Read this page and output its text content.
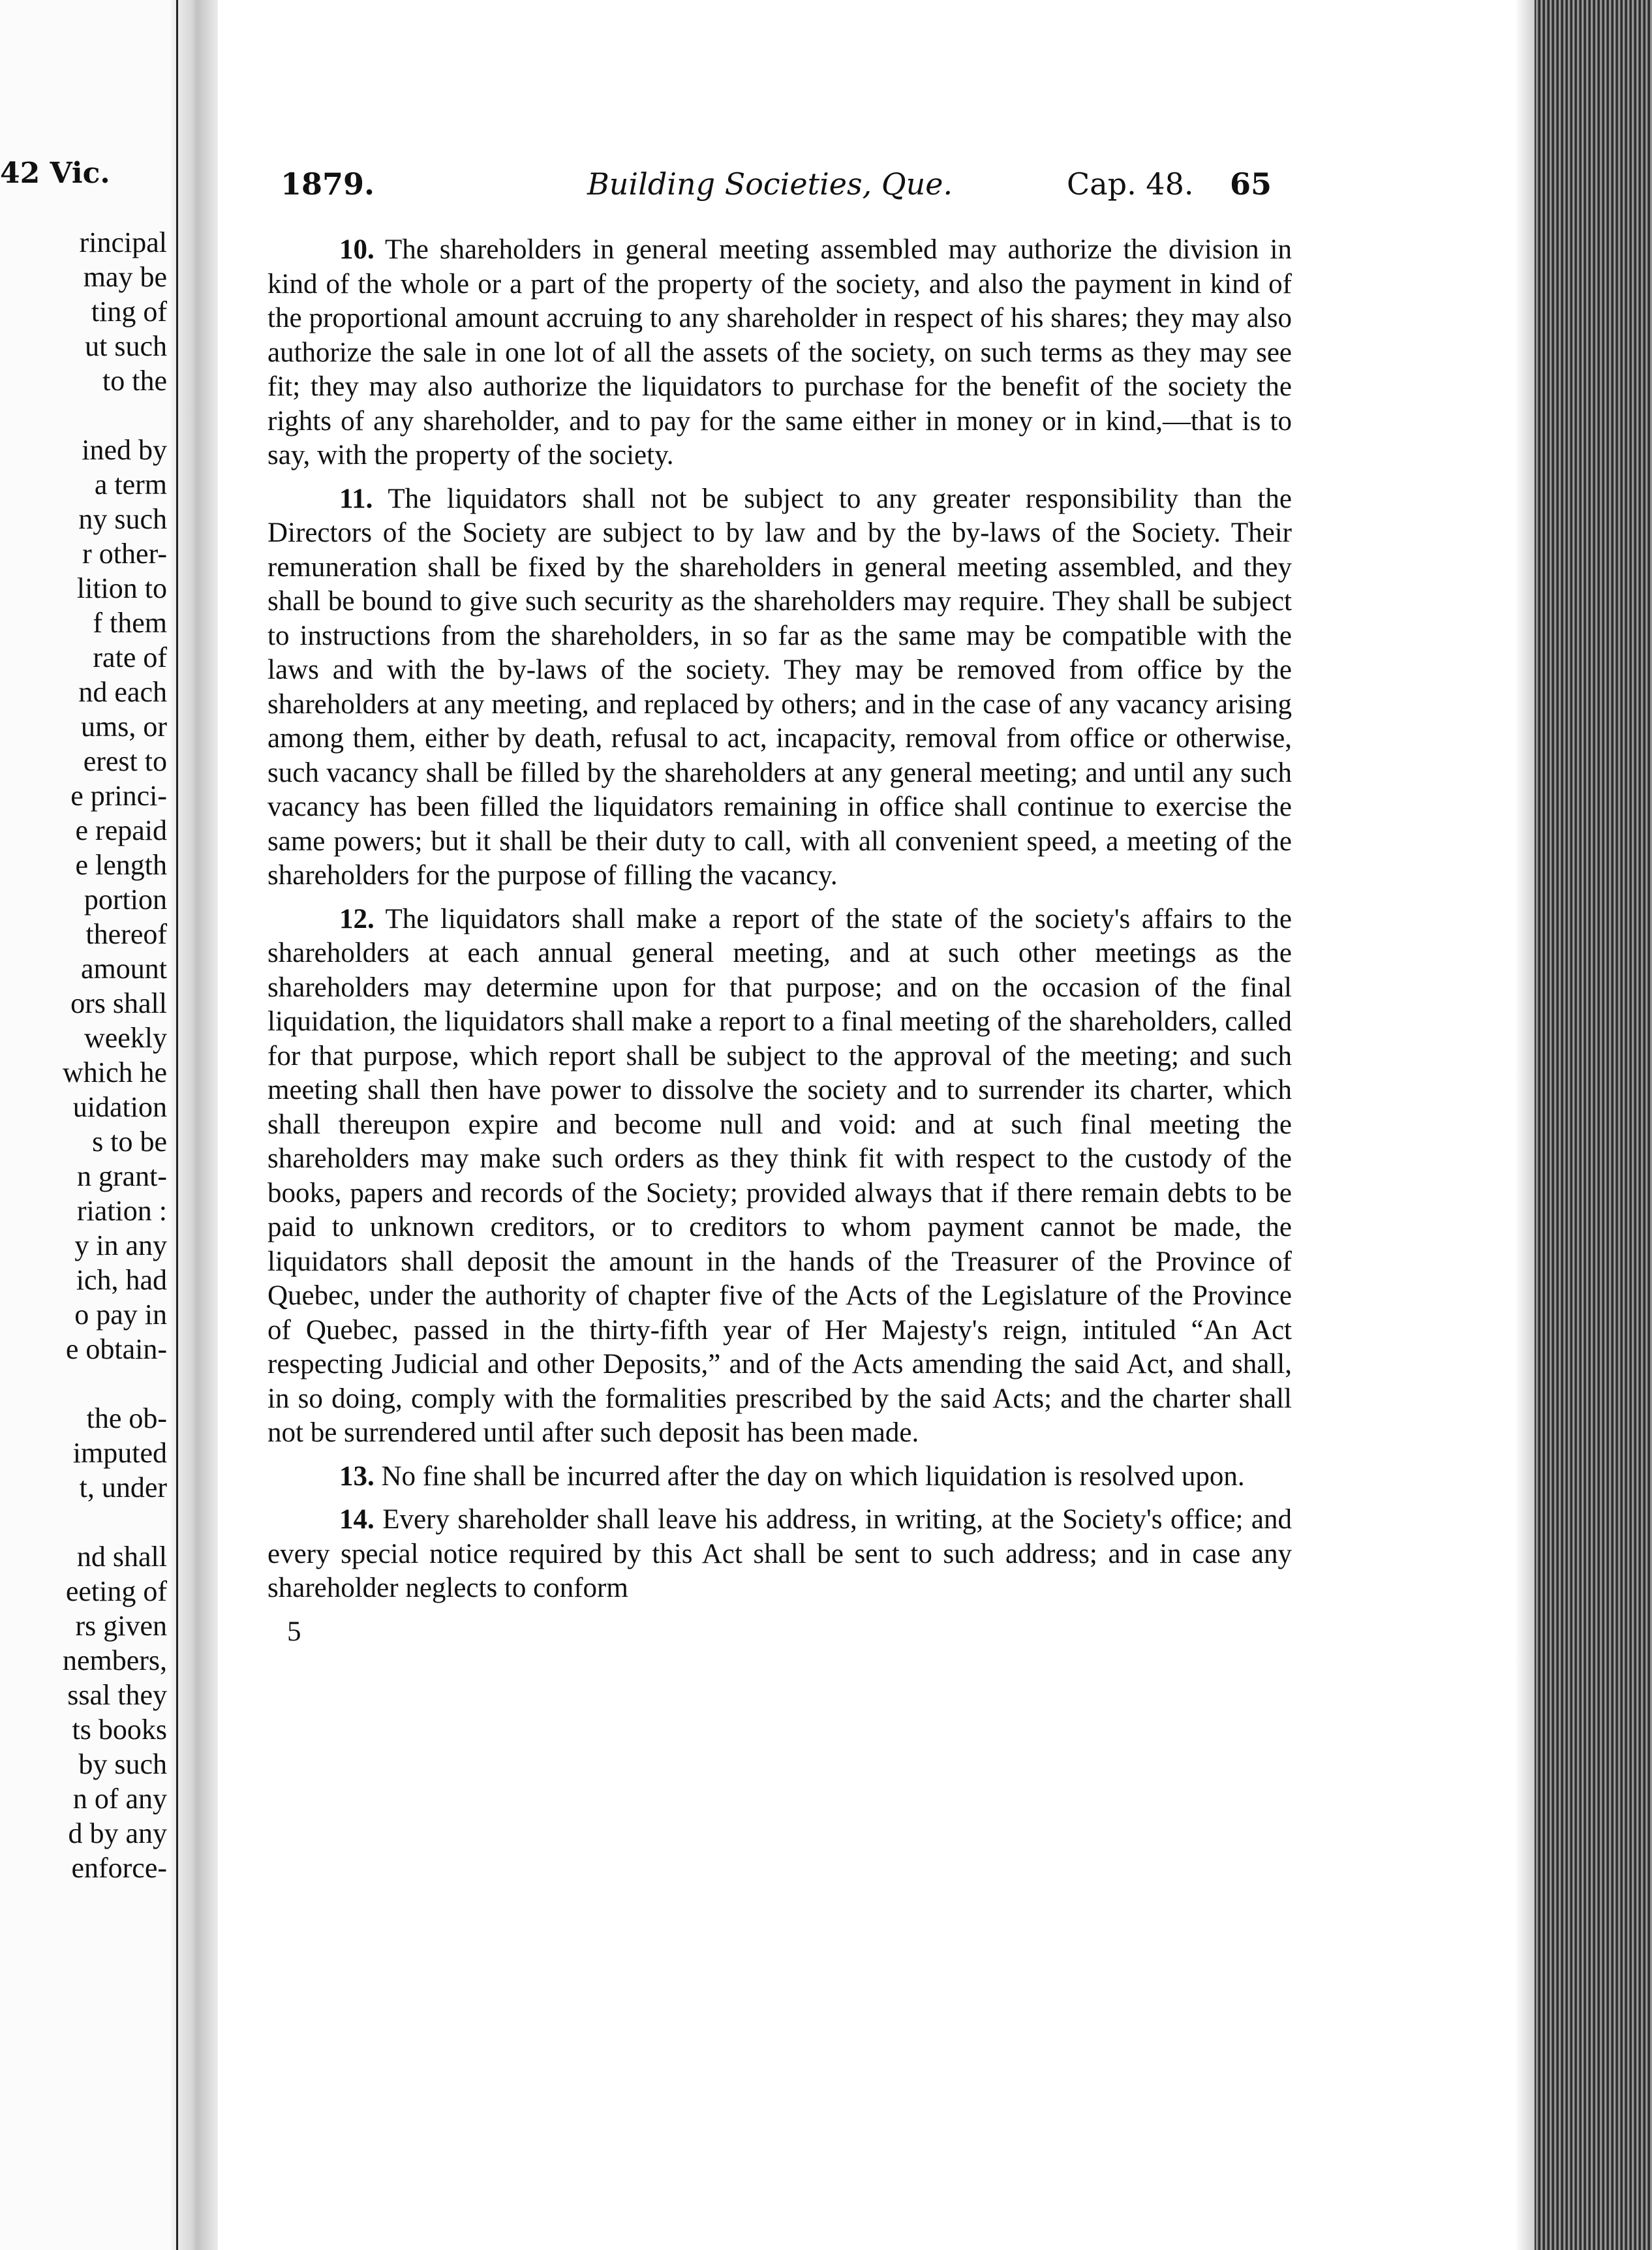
42 Vic.
rincipal
may be
ting of
ut such
to the

ined by
a term
ny such
r other-
lition to
f them
rate of
nd each
ums, or
erest to
e princi-
e repaid
e length
portion
thereof
amount
ors shall
weekly
which he
uidation
s to be
n grant-
riation :
y in any
ich, had
o pay in
e obtain-

the ob-
imputed
t, under

nd shall
eeting of
rs given
nembers,
ssal they
ts books
by such
n of any
d by any
enforce-
1879.	Building Societies, Que.	Cap. 48. 65

10. The shareholders in general meeting assembled may authorize the division in kind of the whole or a part of the property of the society, and also the payment in kind of the proportional amount accruing to any shareholder in respect of his shares; they may also authorize the sale in one lot of all the assets of the society, on such terms as they may see fit; they may also authorize the liquidators to purchase for the benefit of the society the rights of any shareholder, and to pay for the same either in money or in kind,—that is to say, with the property of the society.

11. The liquidators shall not be subject to any greater responsibility than the Directors of the Society are subject to by law and by the by-laws of the Society. Their remuneration shall be fixed by the shareholders in general meeting assembled, and they shall be bound to give such security as the shareholders may require. They shall be subject to instructions from the shareholders, in so far as the same may be compatible with the laws and with the by-laws of the society. They may be removed from office by the shareholders at any meeting, and replaced by others; and in the case of any vacancy arising among them, either by death, refusal to act, incapacity, removal from office or otherwise, such vacancy shall be filled by the shareholders at any general meeting; and until any such vacancy has been filled the liquidators remaining in office shall continue to exercise the same powers; but it shall be their duty to call, with all convenient speed, a meeting of the shareholders for the purpose of filling the vacancy.

12. The liquidators shall make a report of the state of the society's affairs to the shareholders at each annual general meeting, and at such other meetings as the shareholders may determine upon for that purpose; and on the occasion of the final liquidation, the liquidators shall make a report to a final meeting of the shareholders, called for that purpose, which report shall be subject to the approval of the meeting; and such meeting shall then have power to dissolve the society and to surrender its charter, which shall thereupon expire and become null and void: and at such final meeting the shareholders may make such orders as they think fit with respect to the custody of the books, papers and records of the Society; provided always that if there remain debts to be paid to unknown creditors, or to creditors to whom payment cannot be made, the liquidators shall deposit the amount in the hands of the Treasurer of the Province of Quebec, under the authority of chapter five of the Acts of the Legislature of the Province of Quebec, passed in the thirty-fifth year of Her Majesty's reign, intituled “An Act respecting Judicial and other Deposits,” and of the Acts amending the said Act, and shall, in so doing, comply with the formalities prescribed by the said Acts; and the charter shall not be surrendered until after such deposit has been made.

13. No fine shall be incurred after the day on which liquidation is resolved upon.

14. Every shareholder shall leave his address, in writing, at the Society's office; and every special notice required by this Act shall be sent to such address; and in case any shareholder neglects to conform

5
